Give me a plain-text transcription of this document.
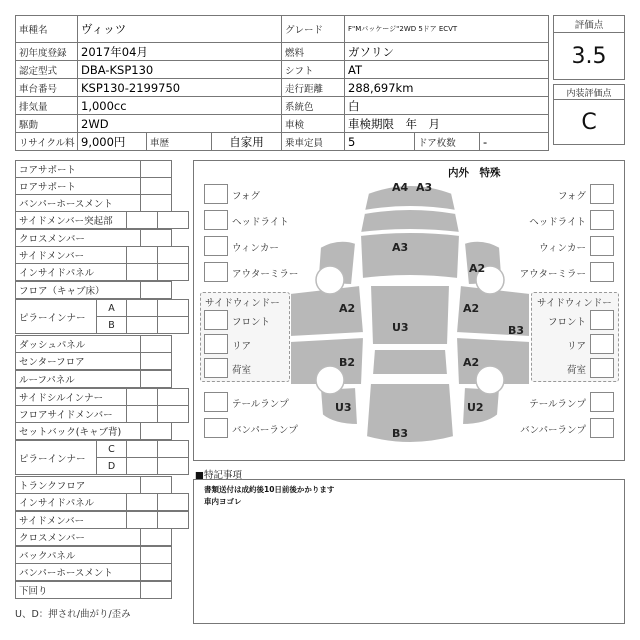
車種名	ヴィッツ	グレード	F"Mパッケージ"2WD 5ドア ECVT
初年度登録	2017年04月	燃料	ガソリン
認定型式	DBA-KSP130	シフト	AT
車台番号	KSP130-2199750	走行距離	288,697km
排気量	1,000cc	系統色	白
駆動	2WD	車検	車検期限　年　月
リサイクル料 9,000円	車歴	自家用	乗車定員	5	ドア枚数	-
評価点
3.5
内装評価点
C
コアサポート
ロアサポート
バンパーホースメント
サイドメンバー突起部
クロスメンバー
サイドメンバー
インサイドパネル
フロア（キャブ床）
ピラーインナー
A
B
ダッシュパネル
センターフロア
ルーフパネル
サイドシルインナー
フロアサイドメンバー
セットバック(キャブ背)
ピラーインナー
C
D
トランクフロア
インサイドパネル
サイドメンバー
クロスメンバー
バックパネル
バンパーホースメント
下回り
U、D：押され/曲がり/歪み
内外　特殊
A4 A3
A3
A2
A2	A2
U3	B3
B2	A2
U3	U2
B3
フォグ
ヘッドライト
ウィンカー
アウターミラー
サイドウィンドー
フロント
リア
荷室
テールランプ
バンパーランプ
フォグ
ヘッドライト
ウィンカー
アウターミラー
サイドウィンドー
フロント
リア
荷室
テールランプ
バンパーランプ
■特記事項
書類送付は成約後10日前後かかります
車内ヨゴレ
